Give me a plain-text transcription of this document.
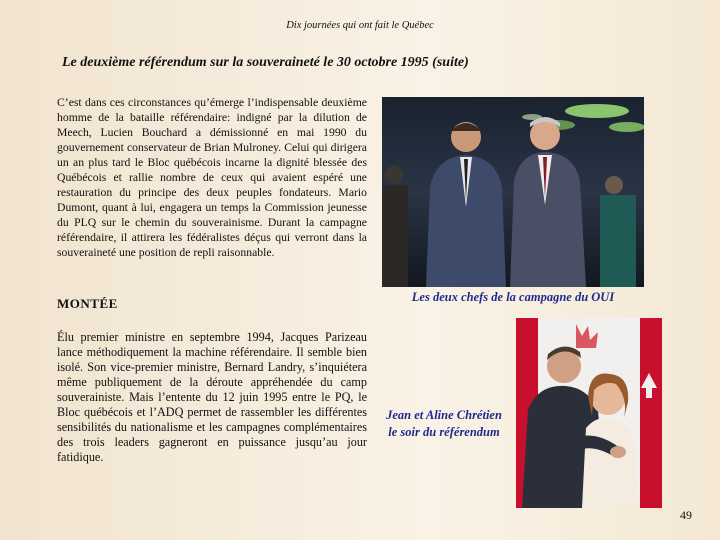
Dix journées qui ont fait le Québec
Le deuxième référendum sur la souveraineté le 30 octobre 1995 (suite)

C’est dans ces circonstances qu’émerge l’indispensable deuxième homme de la bataille référendaire: indigné par la dilution de Meech, Lucien Bouchard a démissionné en mai 1990 du gouvernement conservateur de Brian Mulroney. Celui qui dirigera un an plus tard le Bloc québécois incarne la dignité blessée des Québécois et rallie nombre de ceux qui avaient espéré une restauration du principe des deux peuples fondateurs. Mario Dumont, quant à lui, engagera un temps la Commission jeunesse du PLQ sur le chemin du souverainisme. Durant la campagne référendaire, il attirera les fédéralistes déçus qui verront dans la souveraineté une position de repli raisonnable.

Les deux chefs de la campagne du OUI
MONTÉE

Élu premier ministre en septembre 1994, Jacques Parizeau lance méthodiquement la machine référendaire. Il semble bien isolé. Son vice-premier ministre, Bernard Landry, s’inquiétera même publiquement de la déroute appréhendée du camp souverainiste. Mais l’entente du 12 juin 1995 entre le PQ, le Bloc québécois et l’ADQ permet de rassembler les différentes sensibilités du nationalisme et les campagnes complémentaires des trois leaders gagneront en puissance jusqu’au jour fatidique.

Jean et Aline Chrétien
le soir du référendum
49
